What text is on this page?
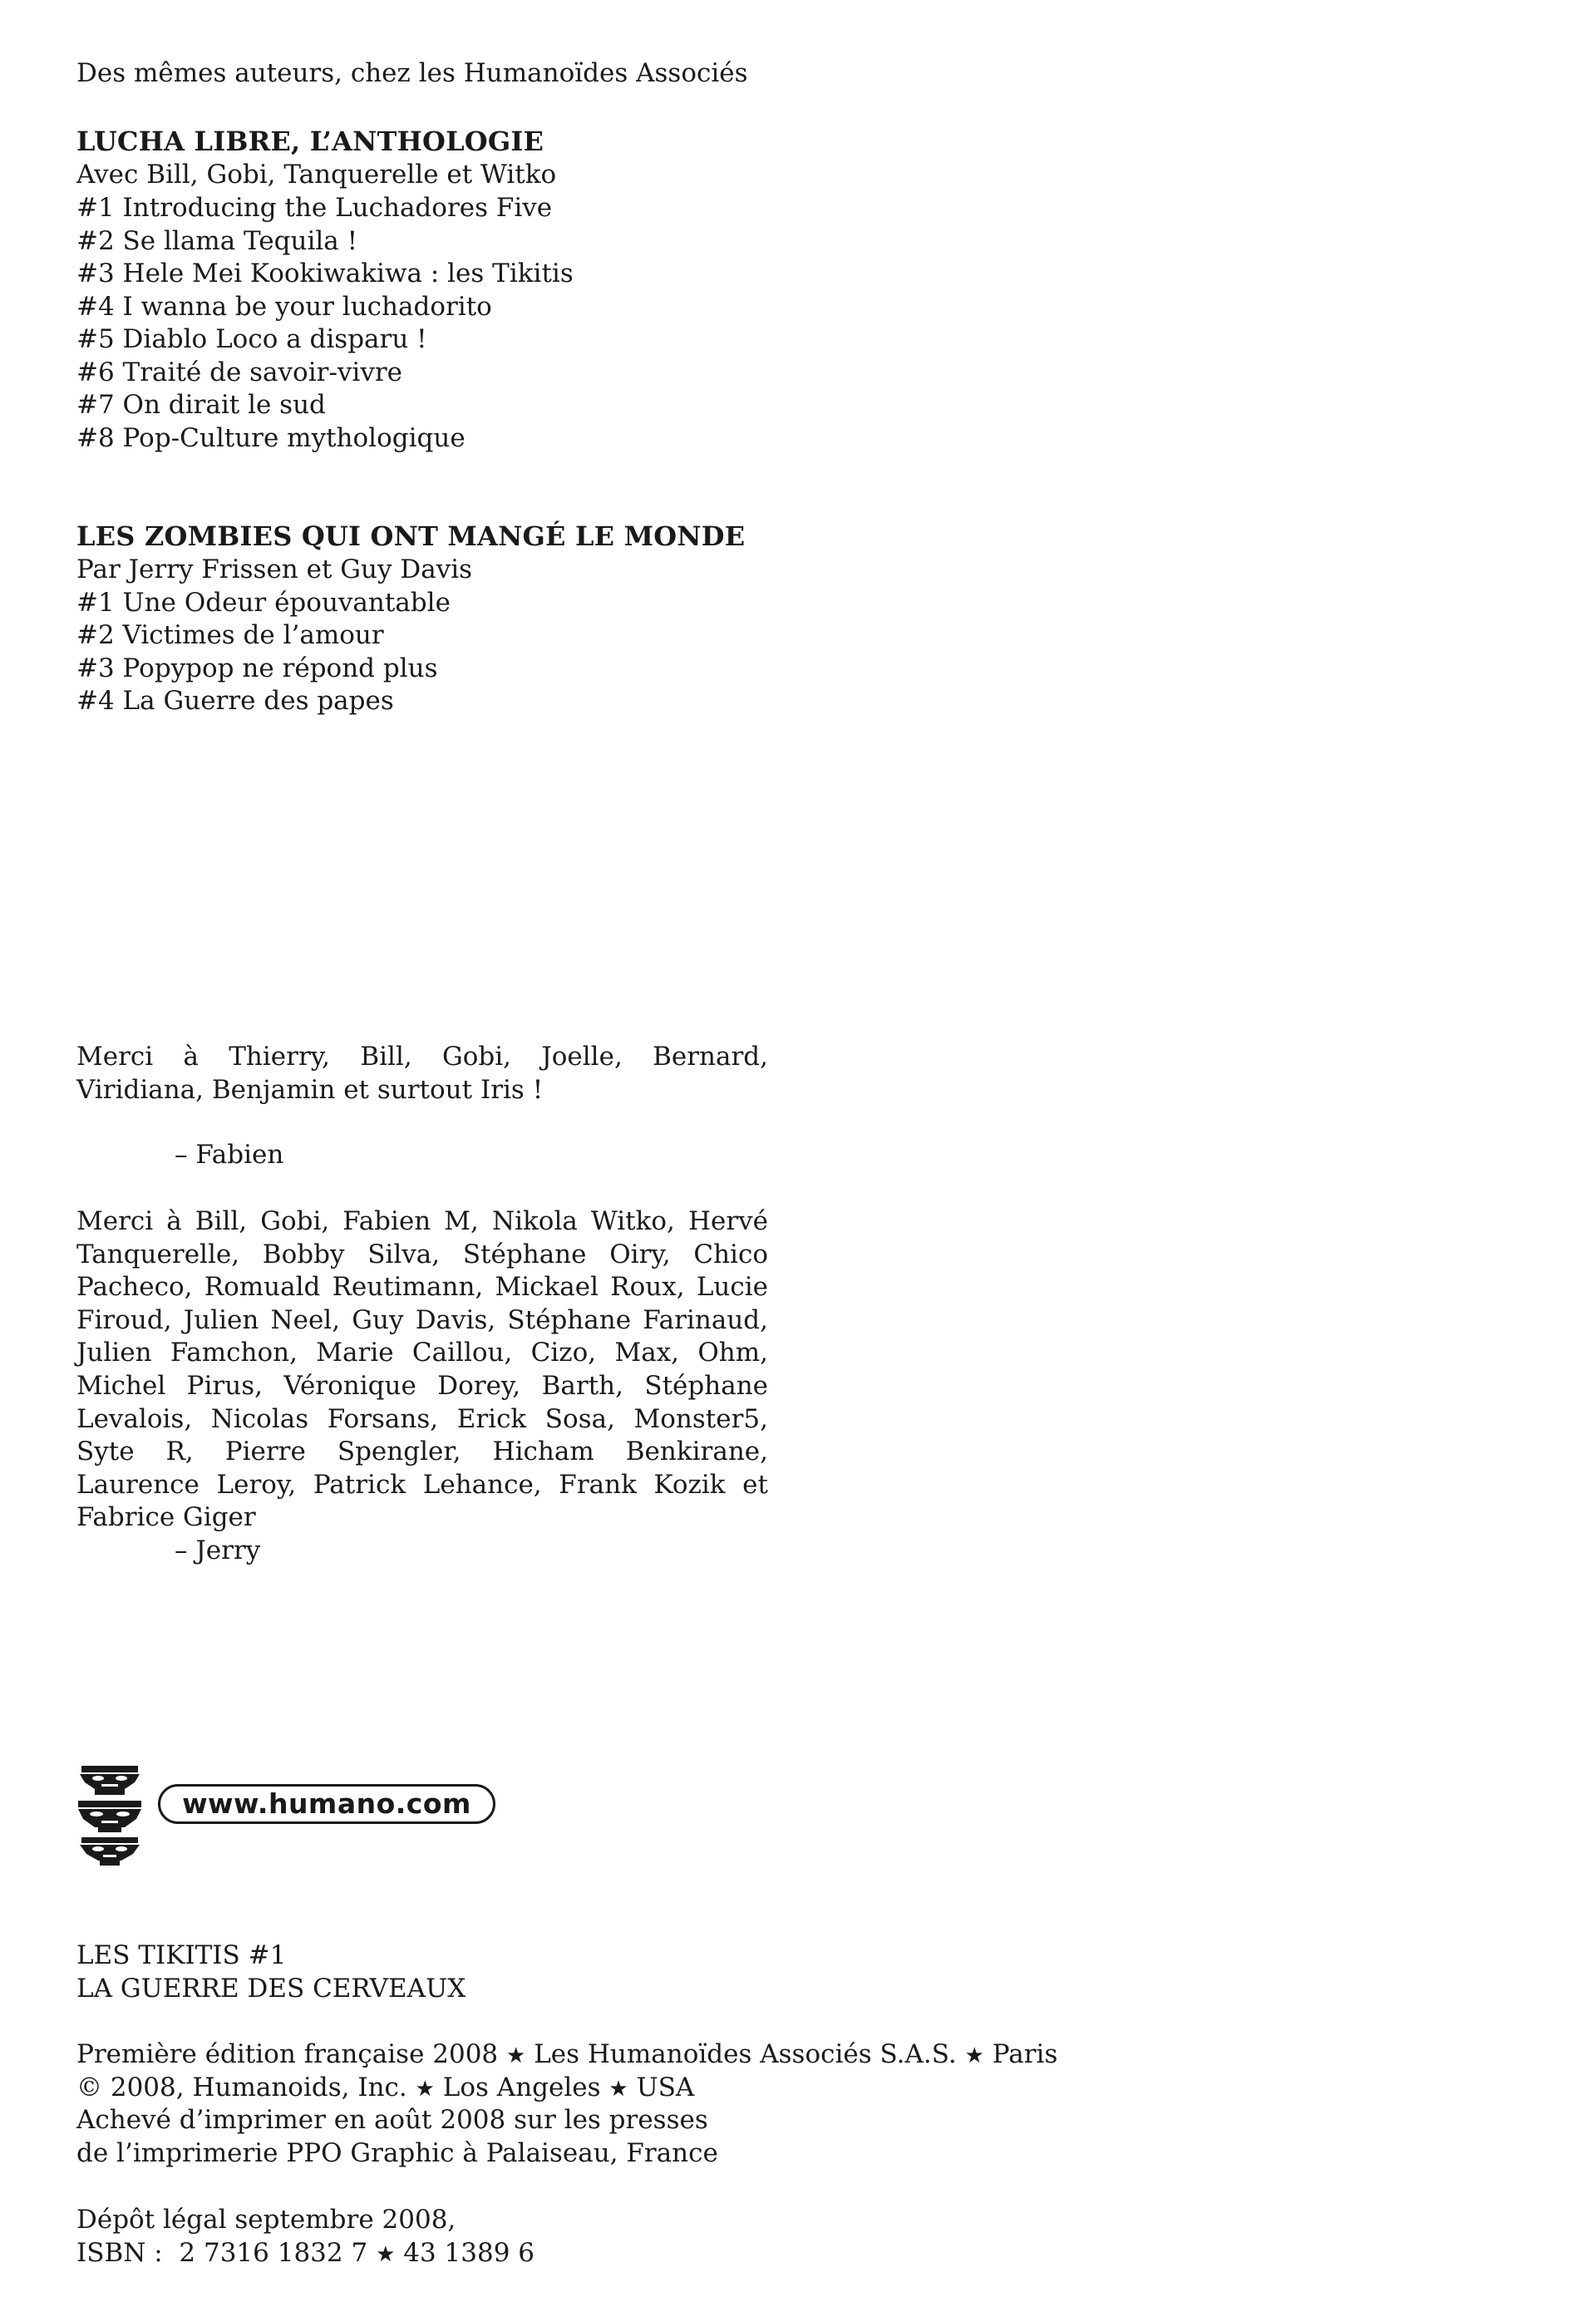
Des mêmes auteurs, chez les Humanoïdes Associés
LUCHA LIBRE, L’ANTHOLOGIE
Avec Bill, Gobi, Tanquerelle et Witko
#1 Introducing the Luchadores Five
#2 Se llama Tequila !
#3 Hele Mei Kookiwakiwa : les Tikitis
#4 I wanna be your luchadorito
#5 Diablo Loco a disparu !
#6 Traité de savoir-vivre
#7 On dirait le sud
#8 Pop-Culture mythologique
LES ZOMBIES QUI ONT MANGÉ LE MONDE
Par Jerry Frissen et Guy Davis
#1 Une Odeur épouvantable
#2 Victimes de l’amour
#3 Popypop ne répond plus
#4 La Guerre des papes
Merci à Thierry, Bill, Gobi, Joelle, Bernard, Viridiana, Benjamin et surtout Iris !
– Fabien
Merci à Bill, Gobi, Fabien M, Nikola Witko, Hervé Tanquerelle, Bobby Silva, Stéphane Oiry, Chico Pacheco, Romuald Reutimann, Mickael Roux, Lucie Firoud, Julien Neel, Guy Davis, Stéphane Farinaud, Julien Famchon, Marie Caillou, Cizo, Max, Ohm, Michel Pirus, Véronique Dorey, Barth, Stéphane Levalois, Nicolas Forsans, Erick Sosa, Monster5, Syte R, Pierre Spengler, Hicham Benkirane, Laurence Leroy, Patrick Lehance, Frank Kozik et Fabrice Giger
– Jerry
www.humano.com
LES TIKITIS #1
LA GUERRE DES CERVEAUX
Première édition française 2008 ★ Les Humanoïdes Associés S.A.S. ★ Paris
© 2008, Humanoids, Inc. ★ Los Angeles ★ USA
Achevé d’imprimer en août 2008 sur les presses
de l’imprimerie PPO Graphic à Palaiseau, France
Dépôt légal septembre 2008,
ISBN :  2 7316 1832 7 ★ 43 1389 6
